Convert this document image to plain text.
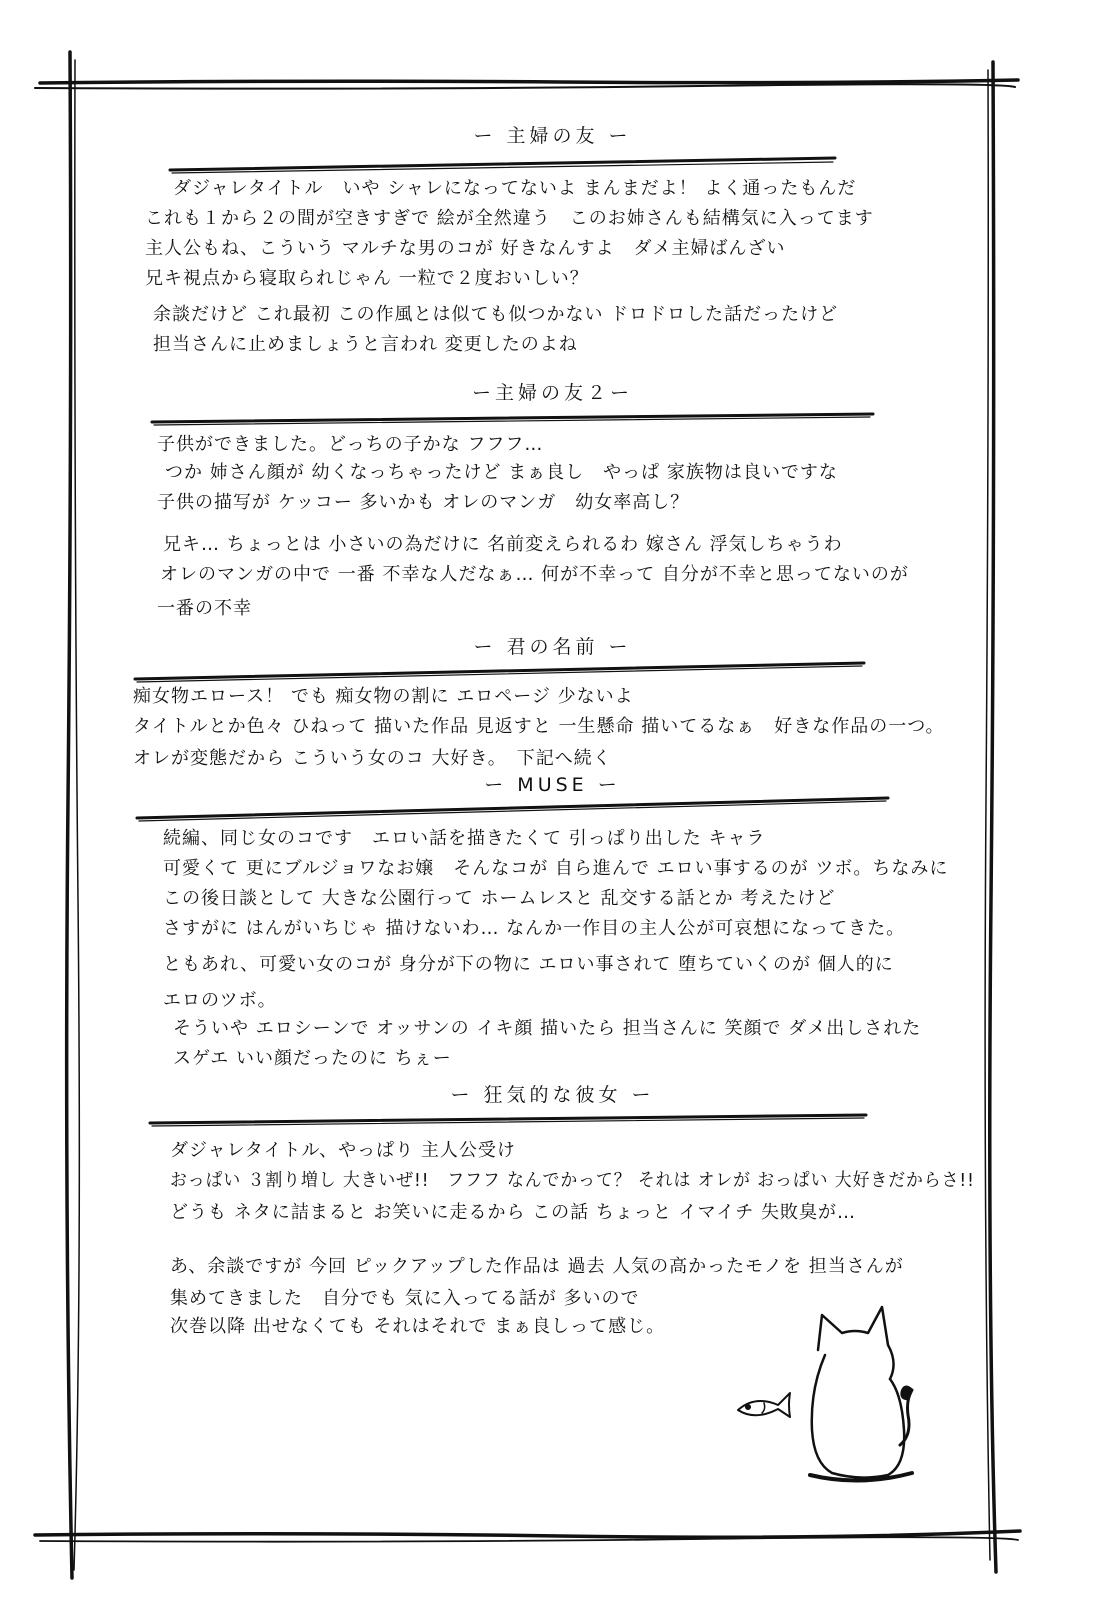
ー 主婦の友 ー
ダジャレタイトル　いや シャレになってないよ まんまだよ！ よく通ったもんだ
これも１から２の間が空きすぎで 絵が全然違う　このお姉さんも結構気に入ってます
主人公もね、こういう マルチな男のコが 好きなんすよ　ダメ主婦ばんざい
兄キ視点から寝取られじゃん 一粒で２度おいしい？
余談だけど これ最初 この作風とは似ても似つかない ドロドロした話だったけど
担当さんに止めましょうと言われ 変更したのよね
ー主婦の友２ー
子供ができました。どっちの子かな フフフ…
つか 姉さん顔が 幼くなっちゃったけど まぁ良し　やっぱ 家族物は良いですな
子供の描写が ケッコー 多いかも オレのマンガ　幼女率高し？
兄キ… ちょっとは 小さいの為だけに 名前変えられるわ 嫁さん 浮気しちゃうわ
オレのマンガの中で 一番 不幸な人だなぁ… 何が不幸って 自分が不幸と思ってないのが
一番の不幸
ー 君の名前 ー
痴女物エロース！ でも 痴女物の割に エロページ 少ないよ
タイトルとか色々 ひねって 描いた作品 見返すと 一生懸命 描いてるなぁ　好きな作品の一つ。
オレが変態だから こういう女のコ 大好き。　下記へ続く
ー MUSE ー
続編、同じ女のコです　エロい話を描きたくて 引っぱり出した キャラ
可愛くて 更にブルジョワなお嬢　そんなコが 自ら進んで エロい事するのが ツボ。ちなみに
この後日談として 大きな公園行って ホームレスと 乱交する話とか 考えたけど
さすがに はんがいちじゃ 描けないわ… なんか一作目の主人公が可哀想になってきた。
ともあれ、可愛い女のコが 身分が下の物に エロい事されて 堕ちていくのが 個人的に
エロのツボ。
そういや エロシーンで オッサンの イキ顔 描いたら 担当さんに 笑顔で ダメ出しされた
スゲエ いい顔だったのに ちぇー
ー 狂気的な彼女 ー
ダジャレタイトル、やっぱり 主人公受け
おっぱい ３割り増し 大きいぜ!!　フフフ なんでかって？ それは オレが おっぱい 大好きだからさ!!
どうも ネタに詰まると お笑いに走るから この話 ちょっと イマイチ 失敗臭が…
あ、余談ですが 今回 ピックアップした作品は 過去 人気の高かったモノを 担当さんが
集めてきました　自分でも 気に入ってる話が 多いので
次巻以降 出せなくても それはそれで まぁ良しって感じ。
